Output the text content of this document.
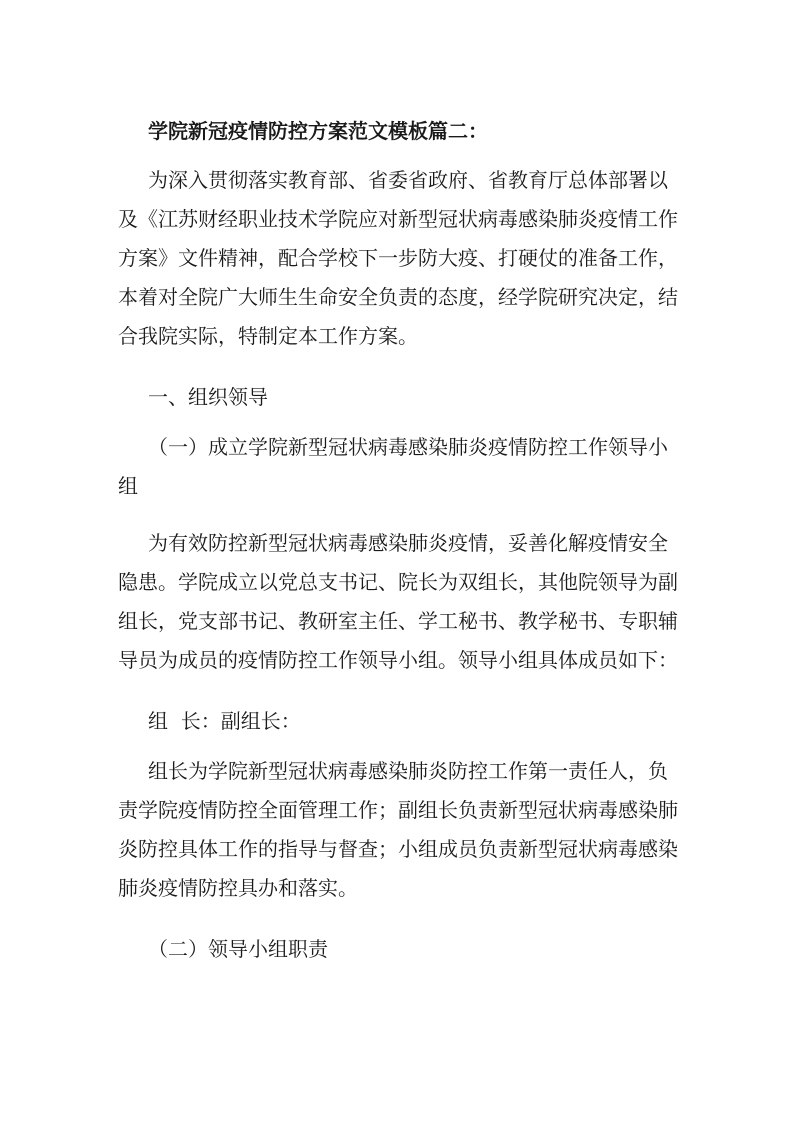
学院新冠疫情防控方案范文模板篇二：

为深入贯彻落实教育部、省委省政府、省教育厅总体部署以
及《江苏财经职业技术学院应对新型冠状病毒感染肺炎疫情工作
方案》文件精神，配合学校下一步防大疫、打硬仗的准备工作，
本着对全院广大师生生命安全负责的态度，经学院研究决定，结
合我院实际，特制定本工作方案。

一、组织领导

（一）成立学院新型冠状病毒感染肺炎疫情防控工作领导小
组
为有效防控新型冠状病毒感染肺炎疫情，妥善化解疫情安全
隐患。学院成立以党总支书记、院长为双组长，其他院领导为副
组长，党支部书记、教研室主任、学工秘书、教学秘书、专职辅
导员为成员的疫情防控工作领导小组。领导小组具体成员如下：

组  长：副组长：

组长为学院新型冠状病毒感染肺炎防控工作第一责任人，负
责学院疫情防控全面管理工作；副组长负责新型冠状病毒感染肺
炎防控具体工作的指导与督查；小组成员负责新型冠状病毒感染
肺炎疫情防控具办和落实。

（二）领导小组职责
